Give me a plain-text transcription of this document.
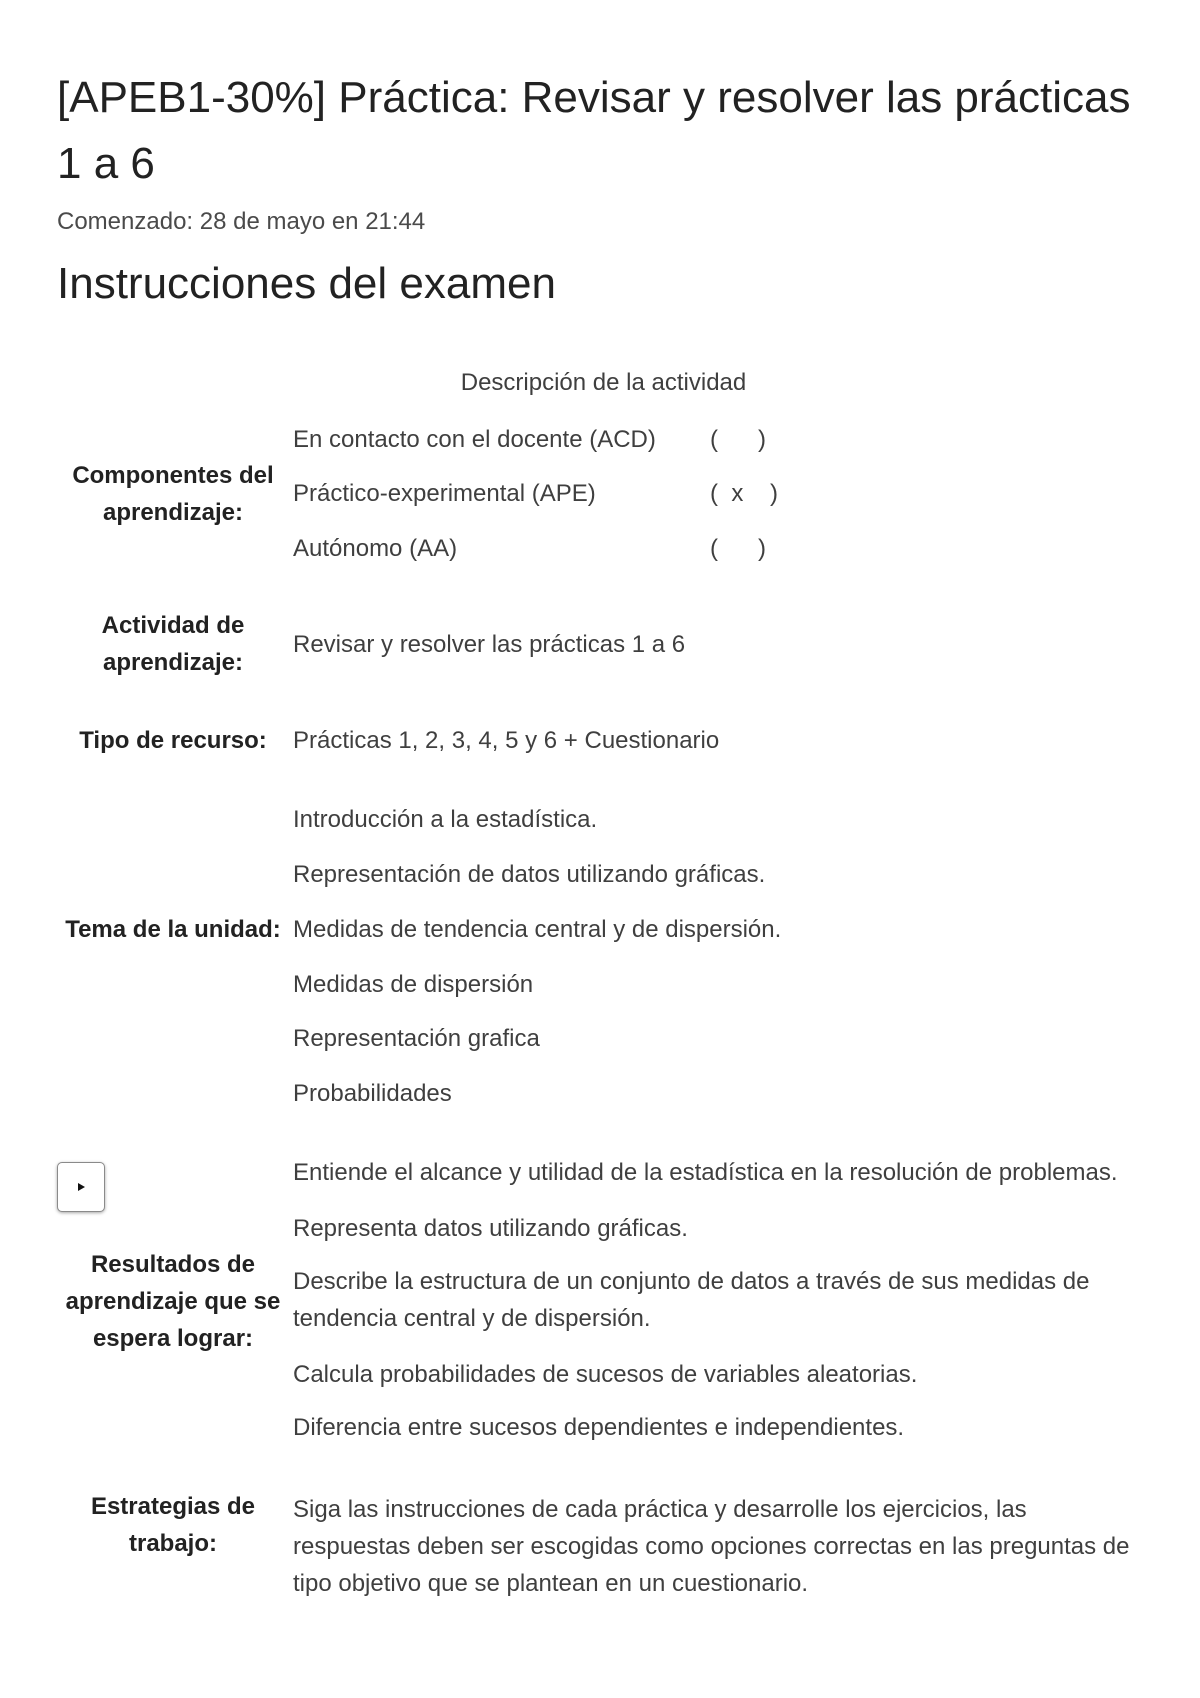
[APEB1-30%] Práctica: Revisar y resolver las prácticas 1 a 6
Comenzado: 28 de mayo en 21:44
Instrucciones del examen
Descripción de la actividad
Componentes del aprendizaje:
En contacto con el docente (ACD) (      )
Práctico-experimental (APE)	(  x    )
Autónomo (AA)	(      )
Actividad de aprendizaje:
Revisar y resolver las prácticas 1 a 6
Tipo de recurso:	Prácticas 1, 2, 3, 4, 5 y 6 + Cuestionario
Tema de la unidad:
Introducción a la estadística.
Representación de datos utilizando gráficas.
Medidas de tendencia central y de dispersión.
Medidas de dispersión
Representación grafica
Probabilidades
Resultados de aprendizaje que se espera lograr:
Entiende el alcance y utilidad de la estadística en la resolución de problemas.
Representa datos utilizando gráficas.
Describe la estructura de un conjunto de datos a través de sus medidas de tendencia central y de dispersión.
Calcula probabilidades de sucesos de variables aleatorias.
Diferencia entre sucesos dependientes e independientes.
Estrategias de trabajo:
Siga las instrucciones de cada práctica y desarrolle los ejercicios, las respuestas deben ser escogidas como opciones correctas en las preguntas de tipo objetivo que se plantean en un cuestionario.
